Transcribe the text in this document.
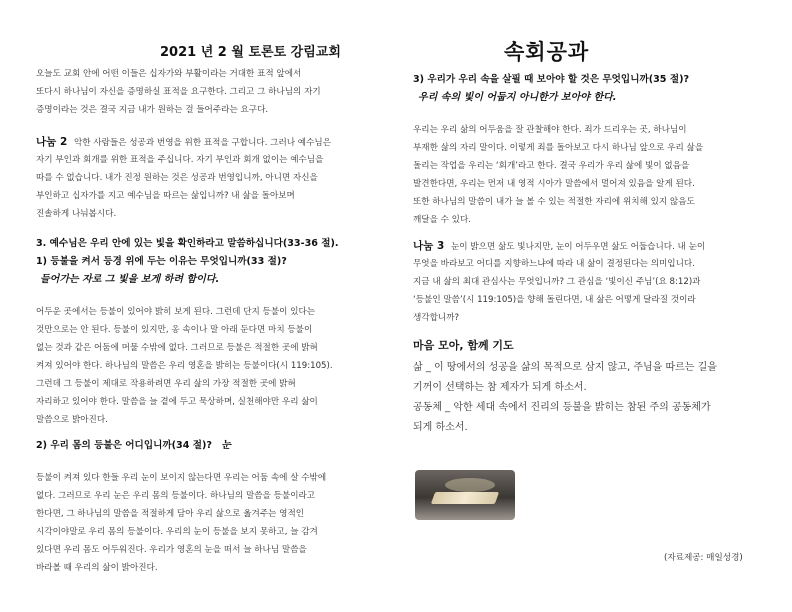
2021 년 2 월 토론토 강림교회
오늘도 교회 안에 어떤 이들은 십자가와 부활이라는 거대한 표적 앞에서
또다시 하나님이 자신을 증명하실 표적을 요구한다. 그리고 그 하나님의 자기
증명이라는 것은 결국 지금 내가 원하는 걸 들어주라는 요구다.
나눔 2 악한 사람들은 성공과 번영을 위한 표적을 구합니다. 그러나 예수님은
자기 부인과 회개를 위한 표적을 주십니다. 자기 부인과 회개 없이는 예수님을
따를 수 없습니다. 내가 진정 원하는 것은 성공과 번영입니까, 아니면 자신을
부인하고 십자가를 지고 예수님을 따르는 삶입니까? 내 삶을 돌아보며
진솔하게 나눠봅시다.
3. 예수님은 우리 안에 있는 빛을 확인하라고 말씀하십니다(33-36 절).
1) 등불을 켜서 등경 위에 두는 이유는 무엇입니까(33 절)?
들어가는 자로 그 빛을 보게 하려 함이다.
어두운 곳에서는 등불이 있어야 밝히 보게 된다. 그런데 단지 등불이 있다는
것만으로는 안 된다. 등불이 있지만, 옹 속이나 말 아래 둔다면 마치 등불이
없는 것과 같은 어둠에 머물 수밖에 없다. 그러므로 등불은 적절한 곳에 밝혀
켜져 있어야 한다. 하나님의 말씀은 우리 영혼을 밝히는 등불이다(시 119:105).
그런데 그 등불이 제대로 작용하려면 우리 삶의 가장 적절한 곳에 밝혀
자리하고 있어야 한다. 말씀을 늘 곁에 두고 묵상하며, 실천해야만 우리 삶이
말씀으로 밝아진다.
2) 우리 몸의 등불은 어디입니까(34 절)? 눈
등불이 켜져 있다 한들 우리 눈이 보이지 않는다면 우리는 어둠 속에 살 수밖에
없다. 그러므로 우리 눈은 우리 몸의 등불이다. 하나님의 말씀을 등불이라고
한다면, 그 하나님의 말씀을 적절하게 담아 우리 삶으로 옮겨주는 영적인
시각이야말로 우리 몸의 등불이다. 우리의 눈이 등불을 보지 못하고, 늘 감겨
있다면 우리 몸도 어두워진다. 우리가 영혼의 눈을 떠서 늘 하나님 말씀을
바라볼 때 우리의 삶이 밝아진다.
속회공과
3) 우리가 우리 속을 살필 때 보아야 할 것은 무엇입니까(35 절)?
우리 속의 빛이 어둡지 아니한가 보아야 한다.
우리는 우리 삶의 어두움을 잘 관찰해야 한다. 죄가 드리우는 곳, 하나님이
부재한 삶의 자리 말이다. 이렇게 죄를 돌아보고 다시 하나님 앞으로 우리 삶을
돌리는 작업을 우리는 ‘회개’라고 한다. 결국 우리가 우리 삶에 빛이 없음을
발견한다면, 우리는 먼저 내 영적 시아가 말씀에서 멀어져 있음을 알게 된다.
또한 하나님의 말씀이 내가 늘 볼 수 있는 적절한 자리에 위치해 있지 않음도
깨달을 수 있다.
나눔 3 눈이 밝으면 삶도 빛나지만, 눈이 어두우면 삶도 어둡습니다. 내 눈이
무엇을 바라보고 어디를 지향하느냐에 따라 내 삶이 결정된다는 의미입니다.
지금 내 삶의 최대 관심사는 무엇입니까? 그 관심을 ‘빛이신 주님’(요 8:12)과
‘등불인 말씀’(시 119:105)을 향해 돌린다면, 내 삶은 어떻게 달라질 것이라
생각합니까?
마음 모아, 함께 기도
삶 _ 이 땅에서의 성공을 삶의 목적으로 삼지 않고, 주님을 따르는 길을
기꺼이 선택하는 참 제자가 되게 하소서.
공동체 _ 악한 세대 속에서 진리의 등불을 밝히는 참된 주의 공동체가
되게 하소서.
(자료제공: 매일성경)
